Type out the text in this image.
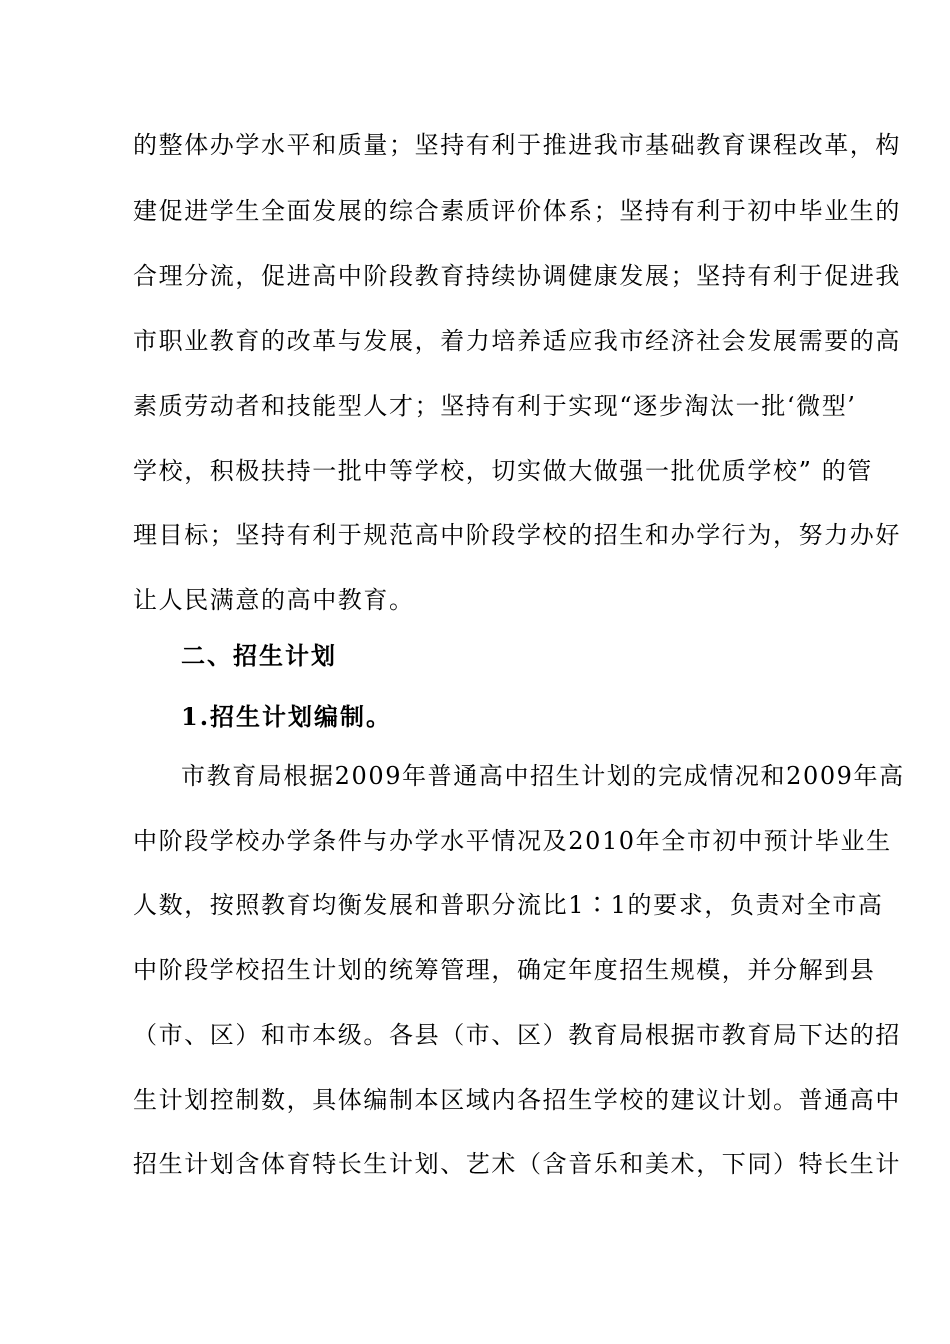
的整体办学水平和质量；坚持有利于推进我市基础教育课程改革，构
建促进学生全面发展的综合素质评价体系；坚持有利于初中毕业生的
合理分流，促进高中阶段教育持续协调健康发展；坚持有利于促进我
市职业教育的改革与发展，着力培养适应我市经济社会发展需要的高
素质劳动者和技能型人才；坚持有利于实现“逐步淘汰一批‘微型’
学校，积极扶持一批中等学校，切实做大做强一批优质学校” 的管
理目标；坚持有利于规范高中阶段学校的招生和办学行为，努力办好
让人民满意的高中教育。
二、招生计划
1.招生计划编制。
市教育局根据2009年普通高中招生计划的完成情况和2009年高
中阶段学校办学条件与办学水平情况及2010年全市初中预计毕业生
人数，按照教育均衡发展和普职分流比1∶1的要求，负责对全市高
中阶段学校招生计划的统筹管理，确定年度招生规模，并分解到县
（市、区）和市本级。各县（市、区）教育局根据市教育局下达的招
生计划控制数，具体编制本区域内各招生学校的建议计划。普通高中
招生计划含体育特长生计划、艺术（含音乐和美术，下同）特长生计
